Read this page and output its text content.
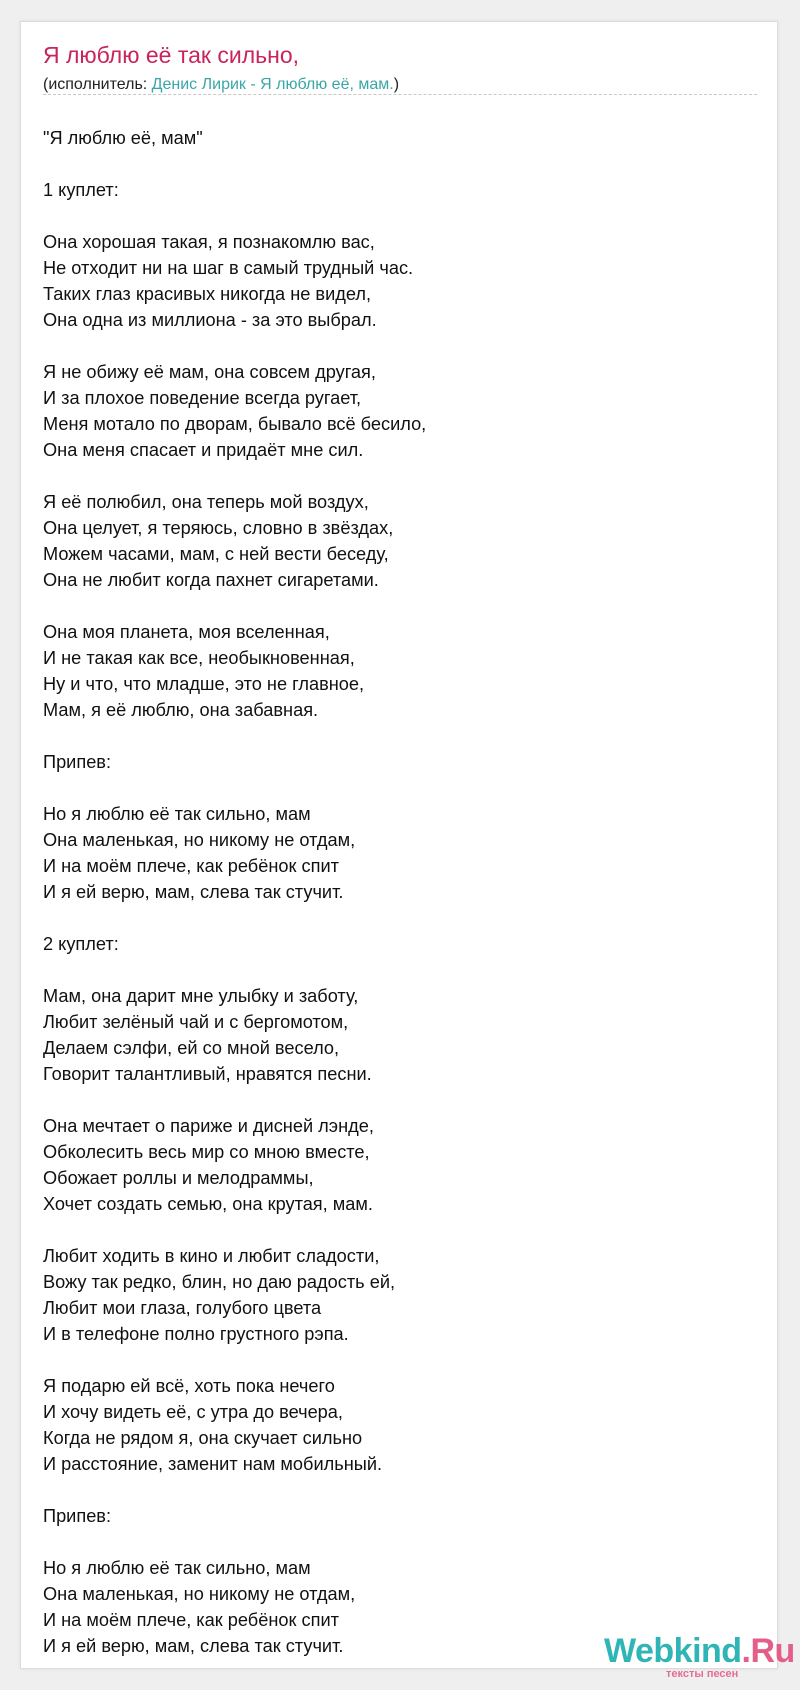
Я люблю её так сильно,
(исполнитель: Денис Лирик - Я люблю её, мам.)
"Я люблю её, мам"
1 куплет:
Она хорошая такая, я познакомлю вас,
Не отходит ни на шаг в самый трудный час.
Таких глаз красивых никогда не видел,
Она одна из миллиона - за это выбрал.
Я не обижу её мам, она совсем другая,
И за плохое поведение всегда ругает,
Меня мотало по дворам, бывало всё бесило,
Она меня спасает и придаёт мне сил.
Я её полюбил, она теперь мой воздух,
Она целует, я теряюсь, словно в звёздах,
Можем часами, мам, с ней вести беседу,
Она не любит когда пахнет сигаретами.
Она моя планета, моя вселенная,
И не такая как все, необыкновенная,
Ну и что, что младше, это не главное,
Мам, я её люблю, она забавная.
Припев:
Но я люблю её так сильно, мам
Она маленькая, но никому не отдам,
И на моём плече, как ребёнок спит
И я ей верю, мам, слева так стучит.
2 куплет:
Мам, она дарит мне улыбку и заботу,
Любит зелёный чай и с бергомотом,
Делаем сэлфи, ей со мной весело,
Говорит талантливый, нравятся песни.
Она мечтает о париже и дисней лэнде,
Обколесить весь мир со мною вместе,
Обожает роллы и мелодраммы,
Хочет создать семью, она крутая, мам.
Любит ходить в кино и любит сладости,
Вожу так редко, блин, но даю радость ей,
Любит мои глаза, голубого цвета
И в телефоне полно грустного рэпа.
Я подарю ей всё, хоть пока нечего
И хочу видеть её, с утра до вечера,
Когда не рядом я, она скучает сильно
И расстояние, заменит нам мобильный.
Припев:
Но я люблю её так сильно, мам
Она маленькая, но никому не отдам,
И на моём плече, как ребёнок спит
И я ей верю, мам, слева так стучит.	Webkind.Ru
тексты песен
